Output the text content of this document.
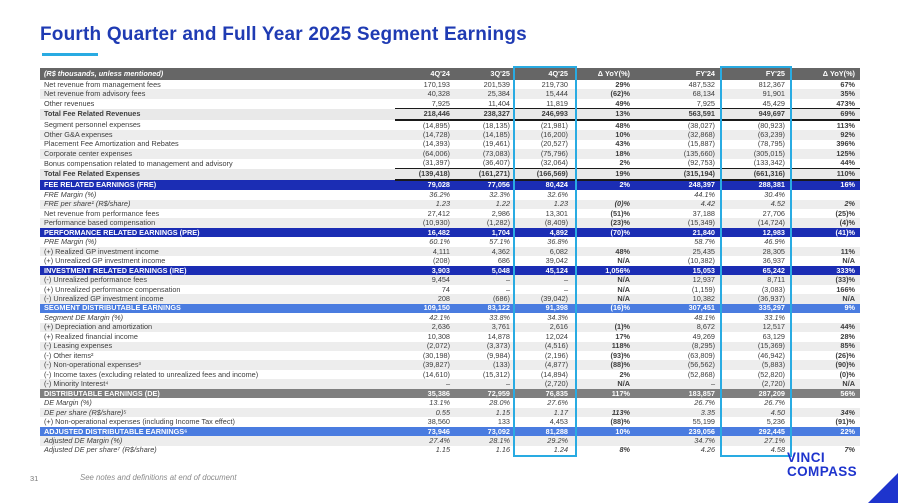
Fourth Quarter and Full Year 2025 Segment Earnings
(R$ thousands, unless mentioned)	4Q'24	3Q'25	4Q'25	Δ YoY(%)	FY'24	FY'25	Δ YoY(%)
Net revenue from management fees	170,193	201,539	219,730	29%	487,532	812,367	67%
Net revenue from advisory fees	40,328	25,384	15,444	(62)%	68,134	91,901	35%
Other revenues	7,925	11,404	11,819	49%	7,925	45,429	473%
Total Fee Related Revenues	218,446	238,327	246,993	13%	563,591	949,697	69%
Segment personnel expenses	(14,895)	(18,135)	(21,981)	48%	(38,027)	(80,923)	113%
Other G&A expenses	(14,728)	(14,185)	(16,200)	10%	(32,868)	(63,239)	92%
Placement Fee Amortization and Rebates	(14,393)	(19,461)	(20,527)	43%	(15,887)	(78,795)	396%
Corporate center expenses	(64,006)	(73,083)	(75,796)	18%	(135,660)	(305,015)	125%
Bonus compensation related to management and advisory	(31,397)	(36,407)	(32,064)	2%	(92,753)	(133,342)	44%
Total Fee Related Expenses	(139,418)	(161,271)	(166,569)	19%	(315,194)	(661,316)	110%
FEE RELATED EARNINGS (FRE)	79,028	77,056	80,424	2%	248,397	288,381	16%
FRE Margin (%)	36.2%	32.3%	32.6%		44.1%	30.4%	
FRE per share¹ (R$/share)	1.23	1.22	1.23	(0)%	4.42	4.52	2%
Net revenue from performance fees	27,412	2,986	13,301	(51)%	37,188	27,706	(25)%
Performance based compensation	(10,930)	(1,282)	(8,409)	(23)%	(15,349)	(14,724)	(4)%
PERFORMANCE RELATED EARNINGS (PRE)	16,482	1,704	4,892	(70)%	21,840	12,983	(41)%
PRE Margin (%)	60.1%	57.1%	36.8%		58.7%	46.9%	
(+) Realized GP investment income	4,111	4,362	6,082	48%	25,435	28,305	11%
(+) Unrealized GP investment income	(208)	686	39,042	N/A	(10,382)	36,937	N/A
INVESTMENT RELATED EARNINGS (IRE)	3,903	5,048	45,124	1,056%	15,053	65,242	333%
(-) Unrealized performance fees	9,454	–	–	N/A	12,937	8,711	(33)%
(+) Unrealized performance compensation	74	–	–	N/A	(1,159)	(3,083)	166%
(-) Unrealized GP investment income	208	(686)	(39,042)	N/A	10,382	(36,937)	N/A
SEGMENT DISTRIBUTABLE EARNINGS	109,150	83,122	91,398	(16)%	307,451	335,297	9%
Segment DE Margin (%)	42.1%	33.8%	34.3%		48.1%	33.1%	
(+) Depreciation and amortization	2,636	3,761	2,616	(1)%	8,672	12,517	44%
(+) Realized financial income	10,308	14,878	12,024	17%	49,269	63,129	28%
(-) Leasing expenses	(2,072)	(3,373)	(4,516)	118%	(8,295)	(15,369)	85%
(-) Other items²	(30,198)	(9,984)	(2,196)	(93)%	(63,809)	(46,942)	(26)%
(-) Non-operational expenses³	(39,827)	(133)	(4,877)	(88)%	(56,562)	(5,883)	(90)%
(-) Income taxes (excluding related to unrealized fees and income)	(14,610)	(15,312)	(14,894)	2%	(52,868)	(52,820)	(0)%
(-) Minority Interest⁴	–	–	(2,720)	N/A	–	(2,720)	N/A
DISTRIBUTABLE EARNINGS (DE)	35,386	72,959	76,835	117%	183,857	287,209	56%
DE Margin (%)	13.1%	28.0%	27.6%		26.7%	26.7%	
DE per share (R$/share)⁵	0.55	1.15	1.17	113%	3.35	4.50	34%
(+) Non-operational expenses (including Income Tax effect)	38,560	133	4,453	(88)%	55,199	5,236	(91)%
ADJUSTED DISTRIBUTABLE EARNINGS⁶	73,946	73,092	81,288	10%	239,056	292,445	22%
Adjusted DE Margin (%)	27.4%	28.1%	29.2%		34.7%	27.1%	
Adjusted DE per share⁷ (R$/share)	1.15	1.16	1.24	8%	4.26	4.58	7%
31	See notes and definitions at end of document
VINCI
COMPASS
